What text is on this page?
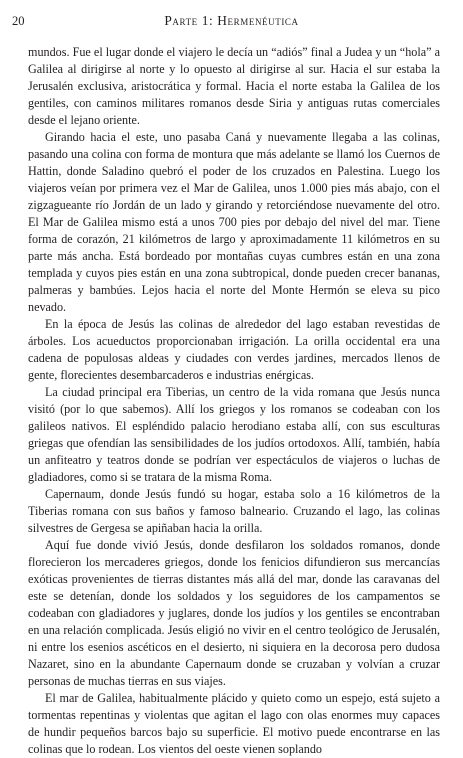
20	Parte 1: Hermenéutica

mundos. Fue el lugar donde el viajero le decía un “adiós” final a Judea y un “hola” a Galilea al dirigirse al norte y lo opuesto al dirigirse al sur. Hacia el sur estaba la Jerusalén exclusiva, aristocrática y formal. Hacia el norte estaba la Galilea de los gentiles, con caminos militares romanos desde Siria y antiguas rutas comerciales desde el lejano oriente.

Girando hacia el este, uno pasaba Caná y nuevamente llegaba a las colinas, pasando una colina con forma de montura que más adelante se llamó los Cuernos de Hattin, donde Saladino quebró el poder de los cruzados en Palestina. Luego los viajeros veían por primera vez el Mar de Galilea, unos 1.000 pies más abajo, con el zigzagueante río Jordán de un lado y girando y retorciéndose nuevamente del otro. El Mar de Galilea mismo está a unos 700 pies por debajo del nivel del mar. Tiene forma de corazón, 21 kilómetros de largo y aproximadamente 11 kilómetros en su parte más ancha. Está bordeado por montañas cuyas cumbres están en una zona templada y cuyos pies están en una zona subtropical, donde pueden crecer bananas, palmeras y bambúes. Lejos hacia el norte del Monte Hermón se eleva su pico nevado.

En la época de Jesús las colinas de alrededor del lago estaban revestidas de árboles. Los acueductos proporcionaban irrigación. La orilla occidental era una cadena de populosas aldeas y ciudades con verdes jardines, mercados llenos de gente, florecientes desembarcaderos e industrias enérgicas.

La ciudad principal era Tiberias, un centro de la vida romana que Jesús nunca visitó (por lo que sabemos). Allí los griegos y los romanos se codeaban con los galileos nativos. El espléndido palacio herodiano estaba allí, con sus esculturas griegas que ofendían las sensibilidades de los judíos ortodoxos. Allí, también, había un anfiteatro y teatros donde se podrían ver espectáculos de viajeros o luchas de gladiadores, como si se tratara de la misma Roma.

Capernaum, donde Jesús fundó su hogar, estaba solo a 16 kilómetros de la Tiberias romana con sus baños y famoso balneario. Cruzando el lago, las colinas silvestres de Gergesa se apiñaban hacia la orilla.

Aquí fue donde vivió Jesús, donde desfilaron los soldados romanos, donde florecieron los mercaderes griegos, donde los fenicios difundieron sus mercancías exóticas provenientes de tierras distantes más allá del mar, donde las caravanas del este se detenían, donde los soldados y los seguidores de los campamentos se codeaban con gladiadores y juglares, donde los judíos y los gentiles se encontraban en una relación complicada. Jesús eligió no vivir en el centro teológico de Jerusalén, ni entre los esenios ascéticos en el desierto, ni siquiera en la decorosa pero dudosa Nazaret, sino en la abundante Capernaum donde se cruzaban y volvían a cruzar personas de muchas tierras en sus viajes.

El mar de Galilea, habitualmente plácido y quieto como un espejo, está sujeto a tormentas repentinas y violentas que agitan el lago con olas enormes muy capaces de hundir pequeños barcos bajo su superficie. El motivo puede encontrarse en las colinas que lo rodean. Los vientos del oeste vienen soplando
